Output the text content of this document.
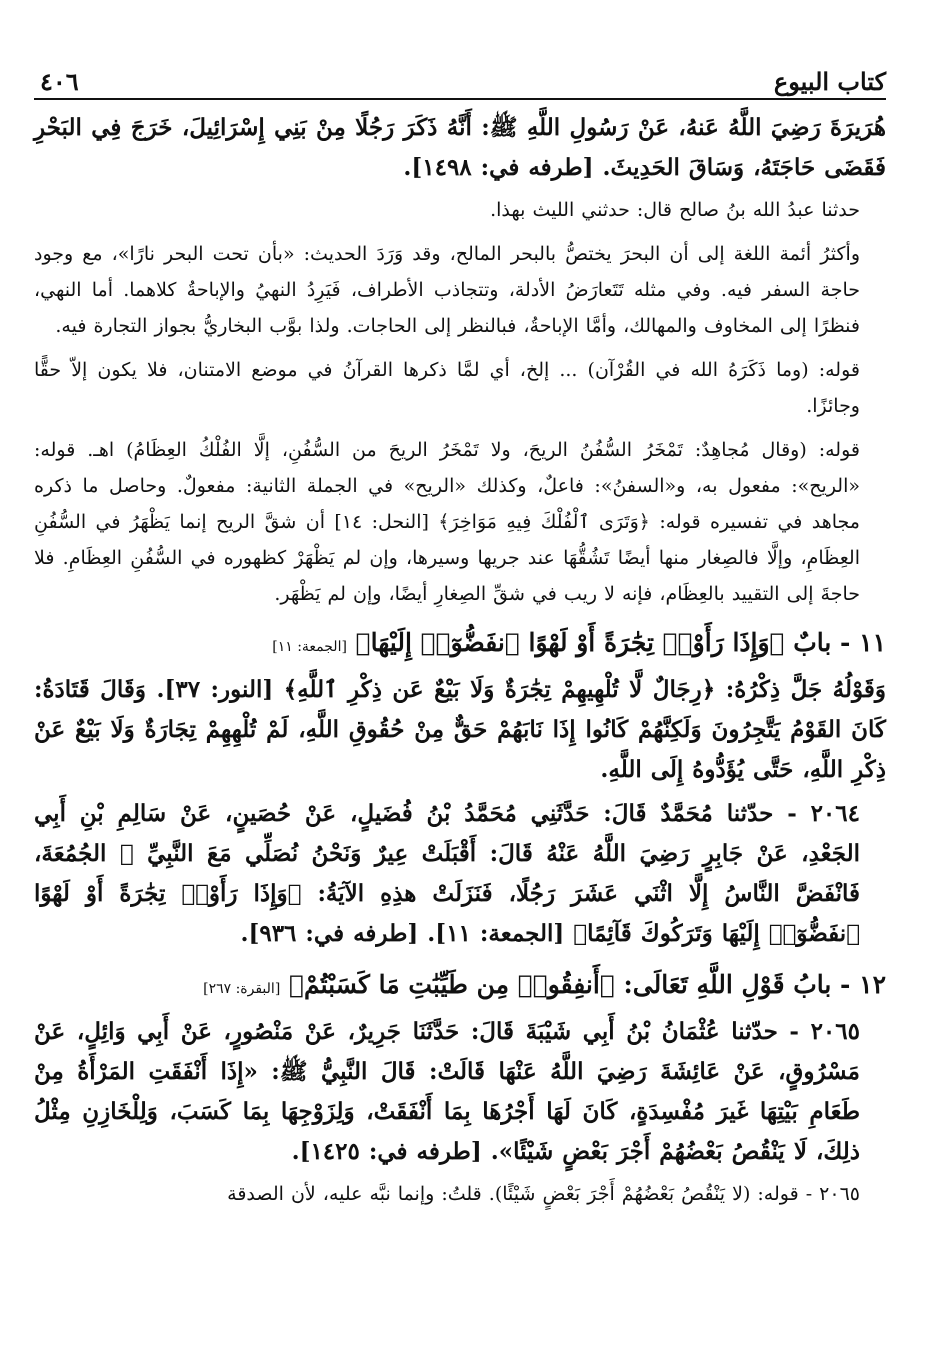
كتاب البيوع
٤٠٦

هُرَيرَةَ رَضِيَ اللَّهُ عَنهُ، عَنْ رَسُولِ اللَّهِ ﷺ: أَنَّهُ ذَكَرَ رَجُلًا مِنْ بَنِي إِسْرَائِيلَ، خَرَجَ فِي البَحْرِ فَقَضَى حَاجَتَهُ، وَسَاقَ الحَدِيثَ. [طرفه في: ١٤٩٨].

حدثنا عبدُ الله بنُ صالح قال: حدثني الليث بهذا.

وأكثرُ أئمة اللغة إلى أن البحرَ يختصُّ بالبحر المالح، وقد وَرَدَ الحديث: «بأن تحت البحر نارًا»، مع وجود حاجة السفر فيه. وفي مثله تَتَعارَضُ الأدلة، وتتجاذب الأطراف، فَيَرِدُ النهيُ والإباحةُ كلاهما. أما النهي، فنظرًا إلى المخاوف والمهالك، وأمَّا الإباحةُ، فبالنظر إلى الحاجات. ولذا بوَّب البخاريُّ بجواز التجارة فيه.

قوله: (وما ذَكَرَهُ الله في القُرْآن) ... إلخ، أي لمَّا ذكرها القرآنُ في موضع الامتنان، فلا يكون إلاّ حقًّا وجائزًا.

قوله: (وقال مُجاهِدٌ: تَمْخَرُ السُّفُنُ الريحَ، ولا تَمْخَرُ الريحَ من السُّفُنِ، إلَّا الفُلْكُ العِظَامُ) اهـ. قوله: «الريح»: مفعول به، و«السفنُ»: فاعلٌ، وكذلك «الريح» في الجملة الثانية: مفعولٌ. وحاصل ما ذكره مجاهد في تفسيره قوله: ﴿وَتَرَى ٱلْفُلْكَ فِيهِ مَوَاخِرَ﴾ [النحل: ١٤] أن شقَّ الريح إنما يَظْهَرُ في السُّفُنِ العِظَامِ، وإلَّا فالصِغار منها أيضًا تَشُقُّهَا عند جريها وسيرها، وإن لم يَظْهَرْ كظهوره في السُّفُنِ العِظَامِ. فلا حاجةَ إلى التقييد بالعِظَام، فإنه لا ريب في شقِّ الصِغارِ أيضًا، وإن لم يَظْهَر.

١١ - بابٌ ﴿وَإِذَا رَأَوْا۟ تِجَٰرَةً أَوْ لَهْوًا ٱنفَضُّوٓا۟ إِلَيْهَا﴾ [الجمعة: ١١]

وَقَوْلُهُ جَلَّ ذِكْرُهُ: ﴿رِجَالٌ لَّا تُلْهِيهِمْ تِجَٰرَةٌ وَلَا بَيْعٌ عَن ذِكْرِ ٱللَّهِ﴾ [النور: ٣٧]. وَقَالَ قَتَادَةُ: كَانَ القَوْمُ يَتَّجِرُونَ وَلَكِنَّهُمْ كَانُوا إِذَا نَابَهُمْ حَقٌّ مِنْ حُقُوقِ اللَّهِ، لَمْ تُلْهِهِمْ تِجَارَةٌ وَلَا بَيْعٌ عَنْ ذِكْرِ اللَّهِ، حَتَّى يُؤَدُّوهُ إِلَى اللَّهِ.

٢٠٦٤ - حدّثنا مُحَمَّدٌ قَالَ: حَدَّثَنِي مُحَمَّدُ بْنُ فُضَيلٍ، عَنْ حُصَينٍ، عَنْ سَالِمِ بْنِ أَبِي الجَعْدِ، عَنْ جَابِرٍ رَضِيَ اللَّهُ عَنْهُ قَالَ: أَقْبَلَتْ عِيرٌ وَنَحْنُ نُصَلِّي مَعَ النَّبِيِّ ﷺ الجُمُعَةَ، فَانْفَضَّ النَّاسُ إِلَّا اثْنَي عَشَرَ رَجُلًا، فَنَزَلَتْ هذِهِ الآيَةُ: ﴿وَإِذَا رَأَوْا۟ تِجَٰرَةً أَوْ لَهْوًا ٱنفَضُّوٓا۟ إِلَيْهَا وَتَرَكُوكَ قَآئِمًا﴾ [الجمعة: ١١]. [طرفه في: ٩٣٦].

١٢ - بابُ قَوْلِ اللَّهِ تَعَالَى: ﴿أَنفِقُوا۟ مِن طَيِّبَٰتِ مَا كَسَبْتُمْ﴾ [البقرة: ٢٦٧]

٢٠٦٥ - حدّثنا عُثْمَانُ بْنُ أَبِي شَيْبَةَ قَالَ: حَدَّثَنَا جَرِيرٌ، عَنْ مَنْصُورٍ، عَنْ أَبِي وَائِلٍ، عَنْ مَسْرُوقٍ، عَنْ عَائِشَةَ رَضِيَ اللَّهُ عَنْهَا قَالَتْ: قَالَ النَّبِيُّ ﷺ: «إِذَا أَنْفَقَتِ المَرْأَةُ مِنْ طَعَامِ بَيْتِهَا غَيرَ مُفْسِدَةٍ، كَانَ لَهَا أَجْرُهَا بِمَا أَنْفَقَتْ، وَلِزَوْجِهَا بِمَا كَسَبَ، وَلِلْخَازِنِ مِثْلُ ذلِكَ، لَا يَنْقُصُ بَعْضُهُمْ أَجْرَ بَعْضٍ شَيْئًا». [طرفه في: ١٤٢٥].

٢٠٦٥ - قوله: (لا يَنْقُصُ بَعْضُهُمْ أَجْرَ بَعْضٍ شَيْئًا). قلتُ: وإنما نبَّه عليه، لأن الصدقة
